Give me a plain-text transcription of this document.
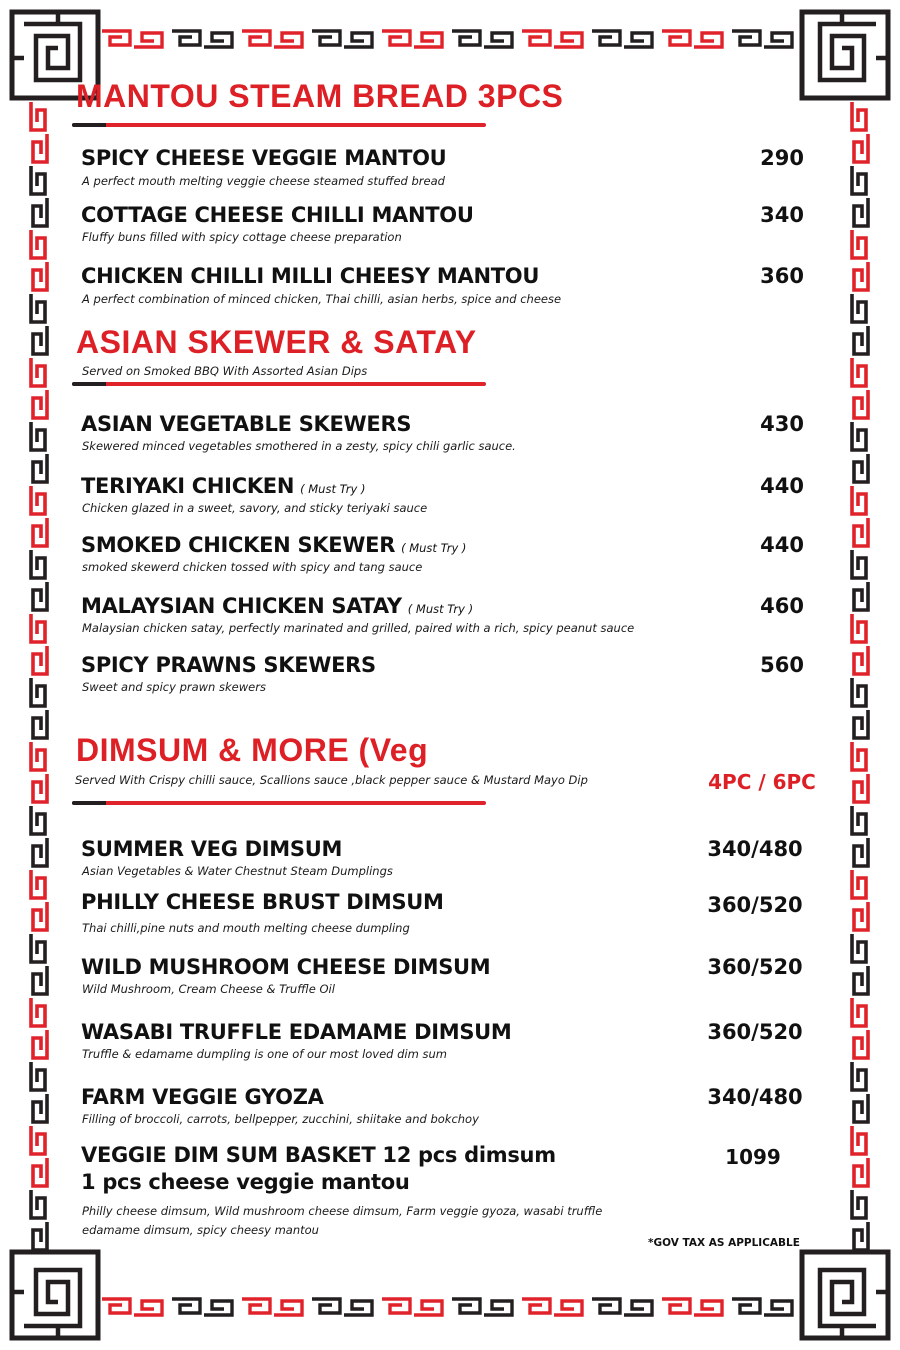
MANTOU STEAM BREAD 3PCS
SPICY CHEESE VEGGIE MANTOU
A perfect mouth melting veggie cheese steamed stuffed bread
290
COTTAGE CHEESE CHILLI MANTOU
Fluffy buns filled with spicy cottage cheese preparation
340
CHICKEN CHILLI MILLI CHEESY MANTOU
A perfect combination of minced chicken, Thai chilli, asian herbs, spice and cheese
360
ASIAN SKEWER & SATAY
Served on Smoked BBQ With Assorted Asian Dips
ASIAN VEGETABLE SKEWERS
Skewered minced vegetables smothered in a zesty, spicy chili garlic sauce.
430
TERIYAKI CHICKEN ( Must Try )
Chicken glazed in a sweet, savory, and sticky teriyaki sauce
440
SMOKED CHICKEN SKEWER ( Must Try )
smoked skewerd chicken tossed with spicy and tang sauce
440
MALAYSIAN CHICKEN SATAY ( Must Try )
Malaysian chicken satay, perfectly marinated and grilled, paired with a rich, spicy peanut sauce
460
SPICY PRAWNS SKEWERS
Sweet and spicy prawn skewers
560
DIMSUM & MORE (Veg
Served With Crispy chilli sauce, Scallions sauce ,black pepper sauce & Mustard Mayo Dip	4PC / 6PC
SUMMER VEG DIMSUM
Asian Vegetables & Water Chestnut Steam Dumplings
340/480
PHILLY CHEESE BRUST DIMSUM
Thai chilli,pine nuts and mouth melting cheese dumpling
360/520
WILD MUSHROOM CHEESE DIMSUM
Wild Mushroom, Cream Cheese & Truffle Oil
360/520
WASABI TRUFFLE EDAMAME DIMSUM
Truffle & edamame dumpling is one of our most loved dim sum
360/520
FARM VEGGIE GYOZA
Filling of broccoli, carrots, bellpepper, zucchini, shiitake and bokchoy
340/480
VEGGIE DIM SUM BASKET 12 pcs dimsum
1 pcs cheese veggie mantou
1099
Philly cheese dimsum, Wild mushroom cheese dimsum, Farm veggie gyoza, wasabi truffle edamame dimsum, spicy cheesy mantou
*GOV TAX AS APPLICABLE
